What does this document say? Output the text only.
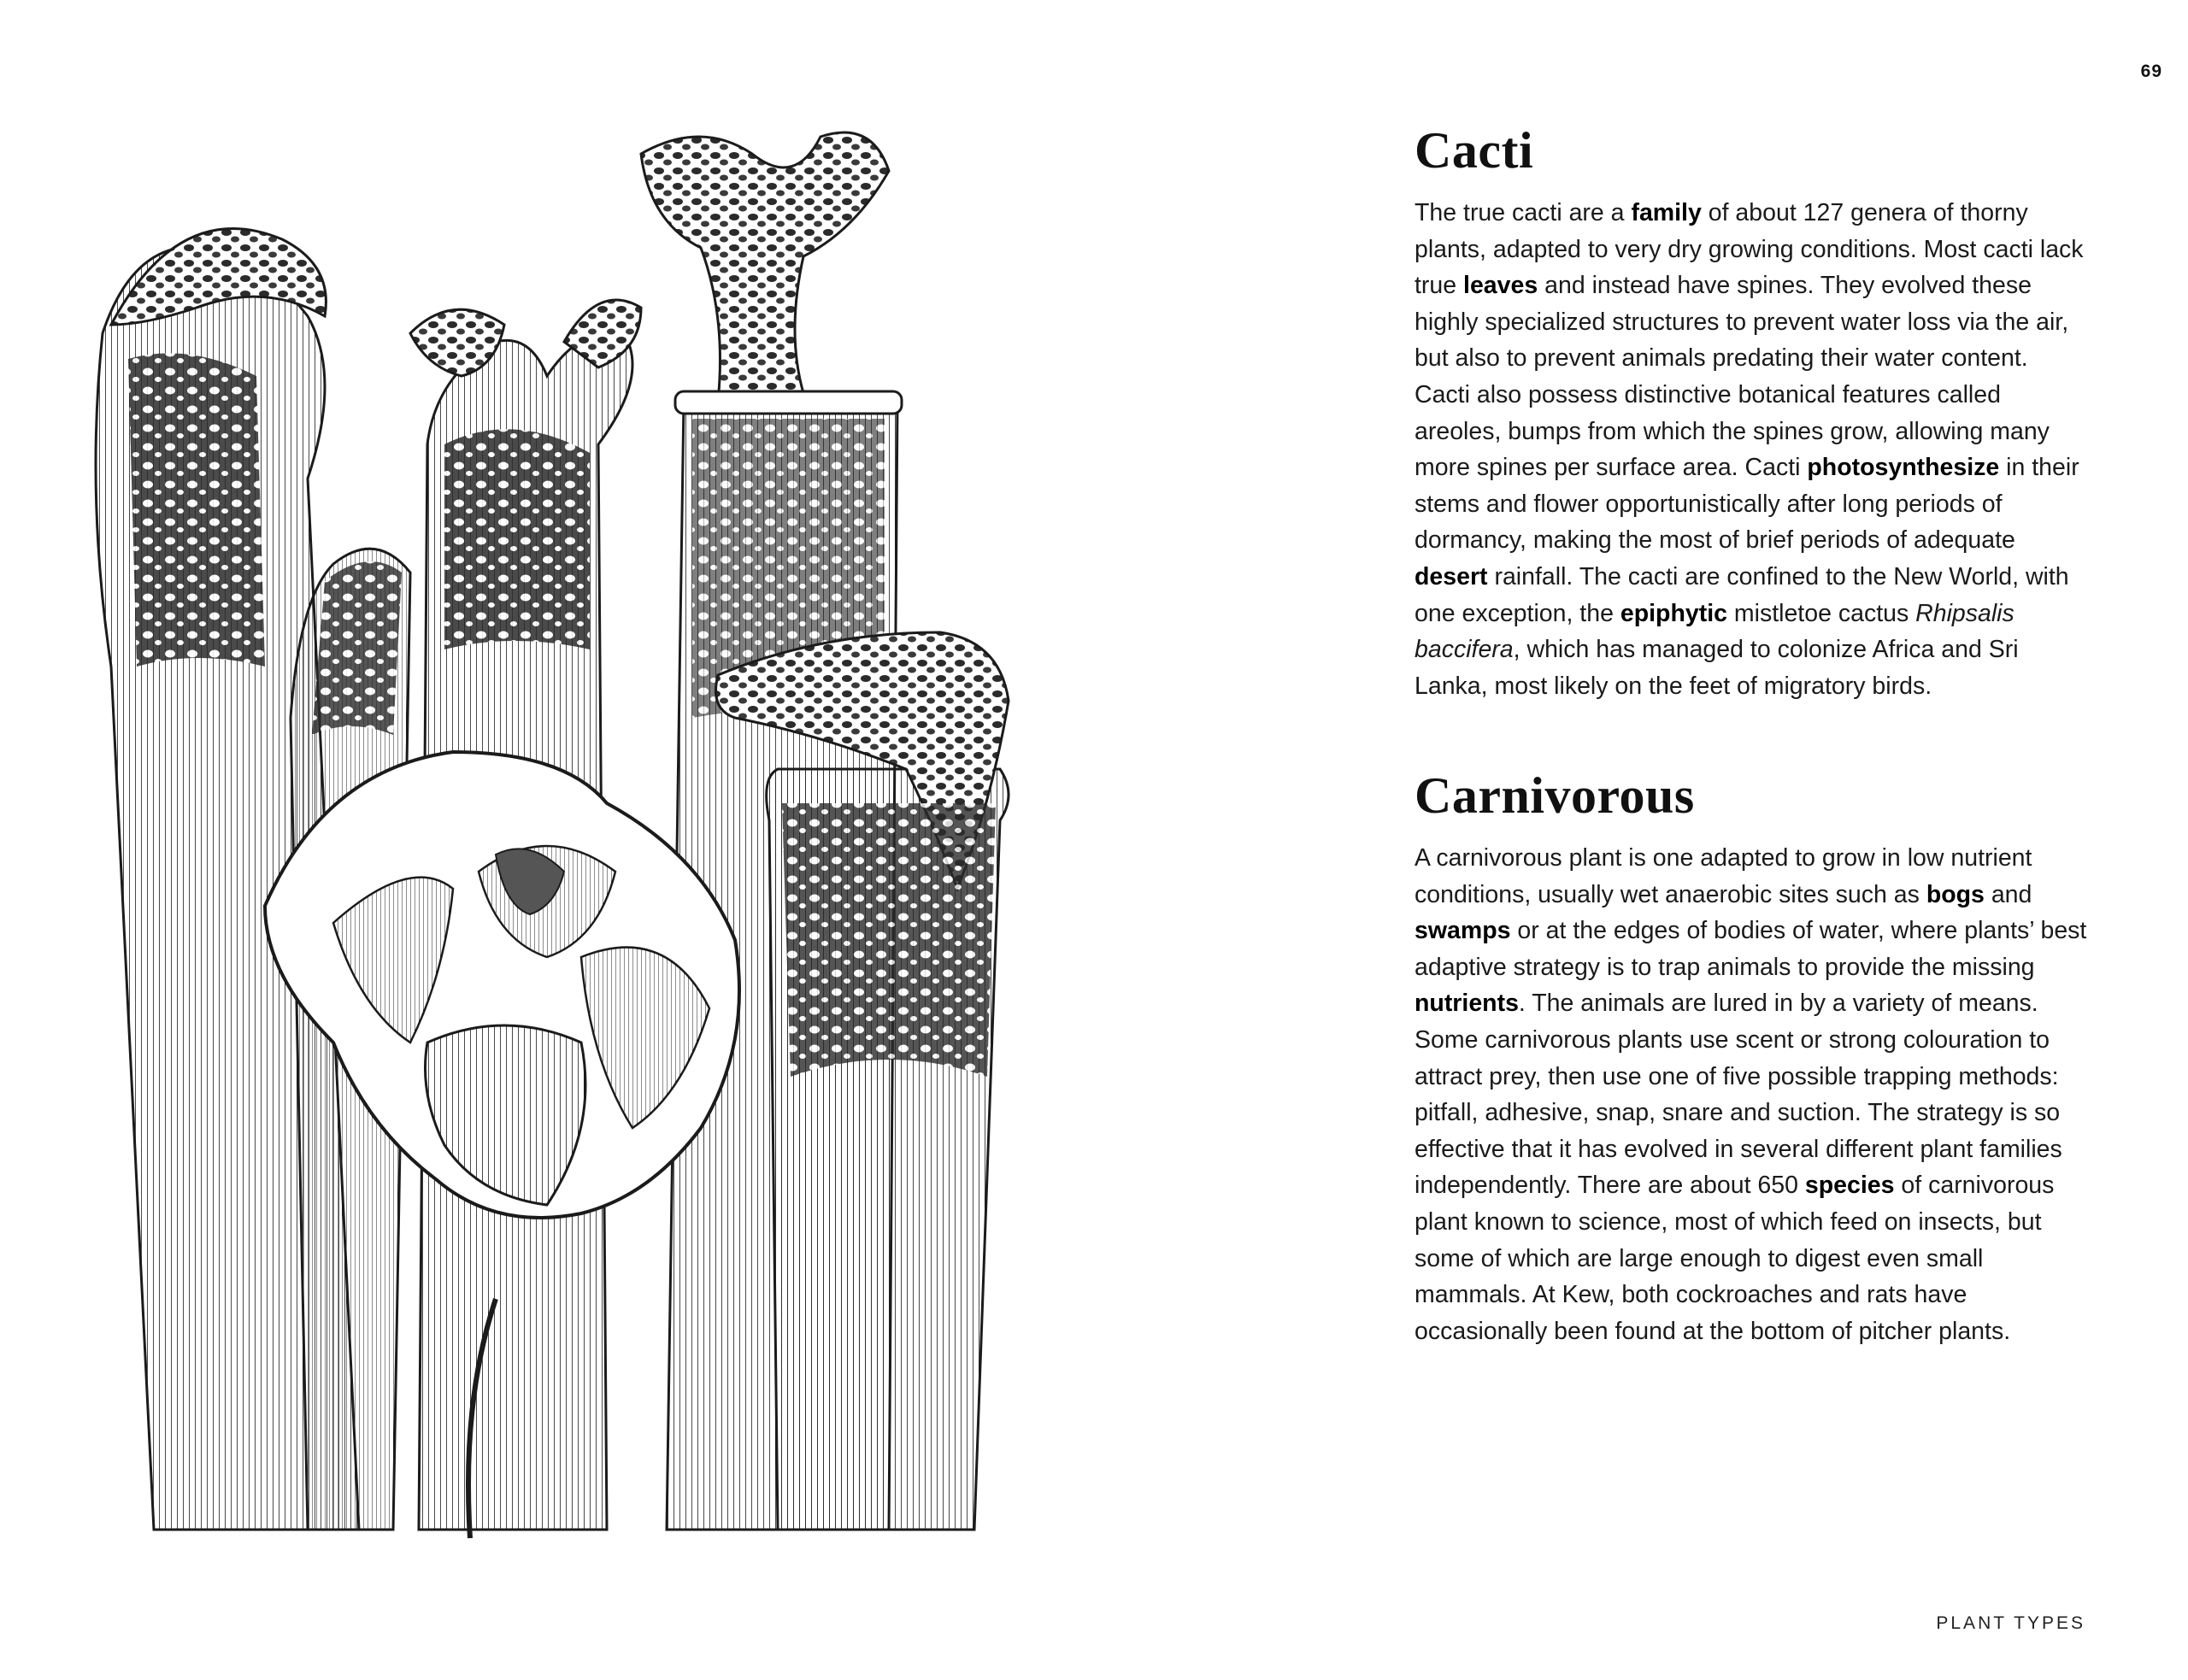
69
Cacti

The true cacti are a family of about 127 genera of thorny plants, adapted to very dry growing conditions. Most cacti lack true leaves and instead have spines. They evolved these highly specialized structures to prevent water loss via the air, but also to prevent animals predating their water content. Cacti also possess distinctive botanical features called areoles, bumps from which the spines grow, allowing many more spines per surface area. Cacti photosynthesize in their stems and flower opportunistically after long periods of dormancy, making the most of brief periods of adequate desert rainfall. The cacti are confined to the New World, with one exception, the epiphytic mistletoe cactus Rhipsalis baccifera, which has managed to colonize Africa and Sri Lanka, most likely on the feet of migratory birds.

Carnivorous

A carnivorous plant is one adapted to grow in low nutrient conditions, usually wet anaerobic sites such as bogs and swamps or at the edges of bodies of water, where plants’ best adaptive strategy is to trap animals to provide the missing nutrients. The animals are lured in by a variety of means. Some carnivorous plants use scent or strong colouration to attract prey, then use one of five possible trapping methods: pitfall, adhesive, snap, snare and suction. The strategy is so effective that it has evolved in several different plant families independently. There are about 650 species of carnivorous plant known to science, most of which feed on insects, but some of which are large enough to digest even small mammals. At Kew, both cockroaches and rats have occasionally been found at the bottom of pitcher plants.

PLANT TYPES
